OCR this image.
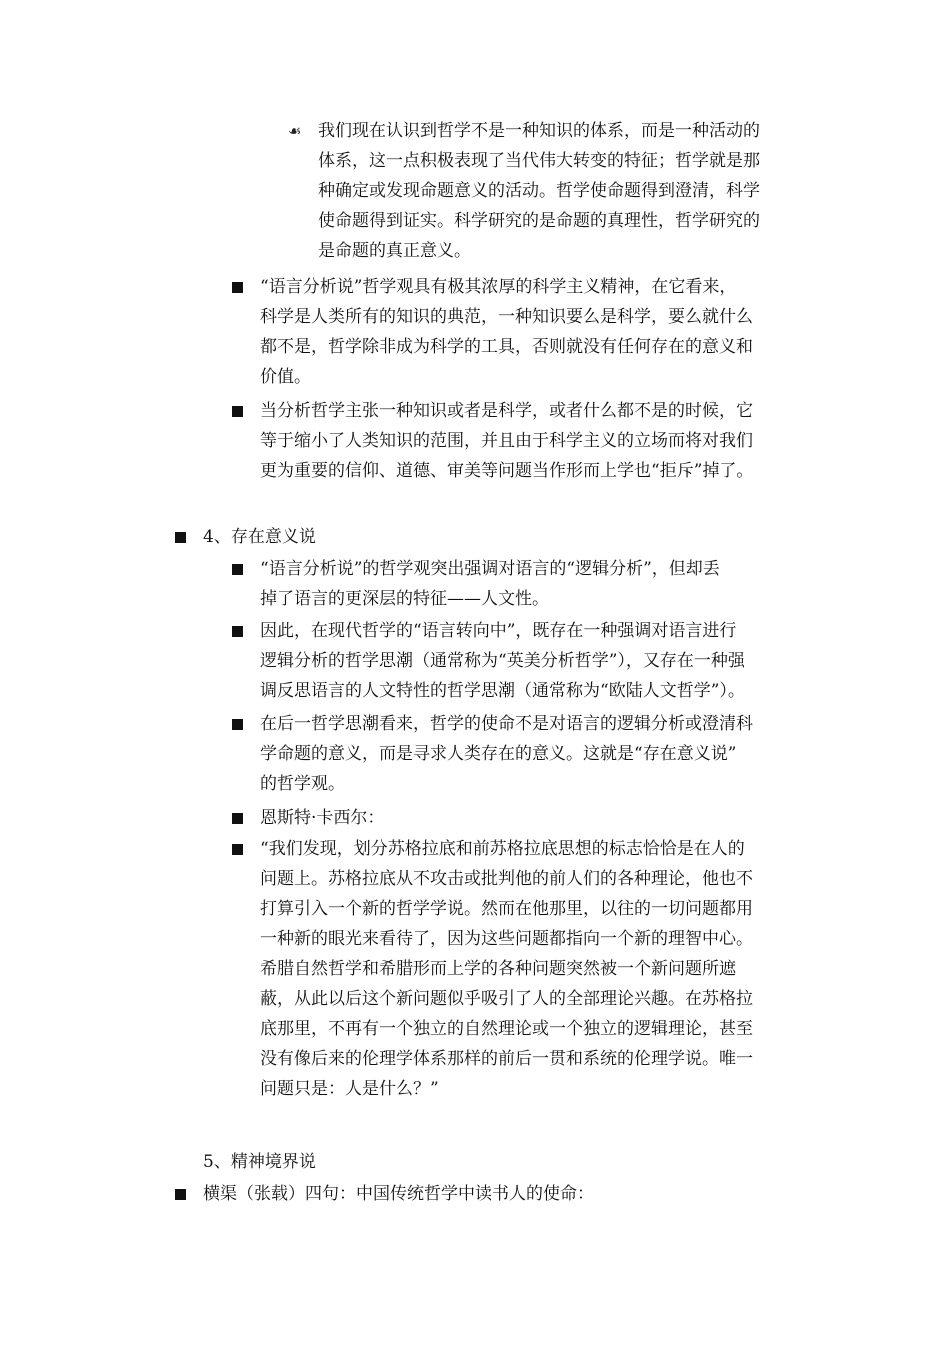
☙ 我们现在认识到哲学不是一种知识的体系，而是一种活动的
体系，这一点积极表现了当代伟大转变的特征；哲学就是那
种确定或发现命题意义的活动。哲学使命题得到澄清，科学
使命题得到证实。科学研究的是命题的真理性，哲学研究的
是命题的真正意义。
“语言分析说”哲学观具有极其浓厚的科学主义精神，在它看来，
科学是人类所有的知识的典范，一种知识要么是科学，要么就什么
都不是，哲学除非成为科学的工具，否则就没有任何存在的意义和
价值。
当分析哲学主张一种知识或者是科学，或者什么都不是的时候，它
等于缩小了人类知识的范围，并且由于科学主义的立场而将对我们
更为重要的信仰、道德、审美等问题当作形而上学也“拒斥”掉了。
4、存在意义说
“语言分析说”的哲学观突出强调对语言的“逻辑分析”，但却丢
掉了语言的更深层的特征——人文性。
因此，在现代哲学的“语言转向中”，既存在一种强调对语言进行
逻辑分析的哲学思潮（通常称为“英美分析哲学”），又存在一种强
调反思语言的人文特性的哲学思潮（通常称为“欧陆人文哲学”）。
在后一哲学思潮看来，哲学的使命不是对语言的逻辑分析或澄清科
学命题的意义，而是寻求人类存在的意义。这就是“存在意义说”
的哲学观。
恩斯特·卡西尔：
“我们发现，划分苏格拉底和前苏格拉底思想的标志恰恰是在人的
问题上。苏格拉底从不攻击或批判他的前人们的各种理论，他也不
打算引入一个新的哲学学说。然而在他那里，以往的一切问题都用
一种新的眼光来看待了，因为这些问题都指向一个新的理智中心。
希腊自然哲学和希腊形而上学的各种问题突然被一个新问题所遮
蔽，从此以后这个新问题似乎吸引了人的全部理论兴趣。在苏格拉
底那里，不再有一个独立的自然理论或一个独立的逻辑理论，甚至
没有像后来的伦理学体系那样的前后一贯和系统的伦理学说。唯一
问题只是：人是什么？”
5、精神境界说
横渠（张载）四句：中国传统哲学中读书人的使命：
